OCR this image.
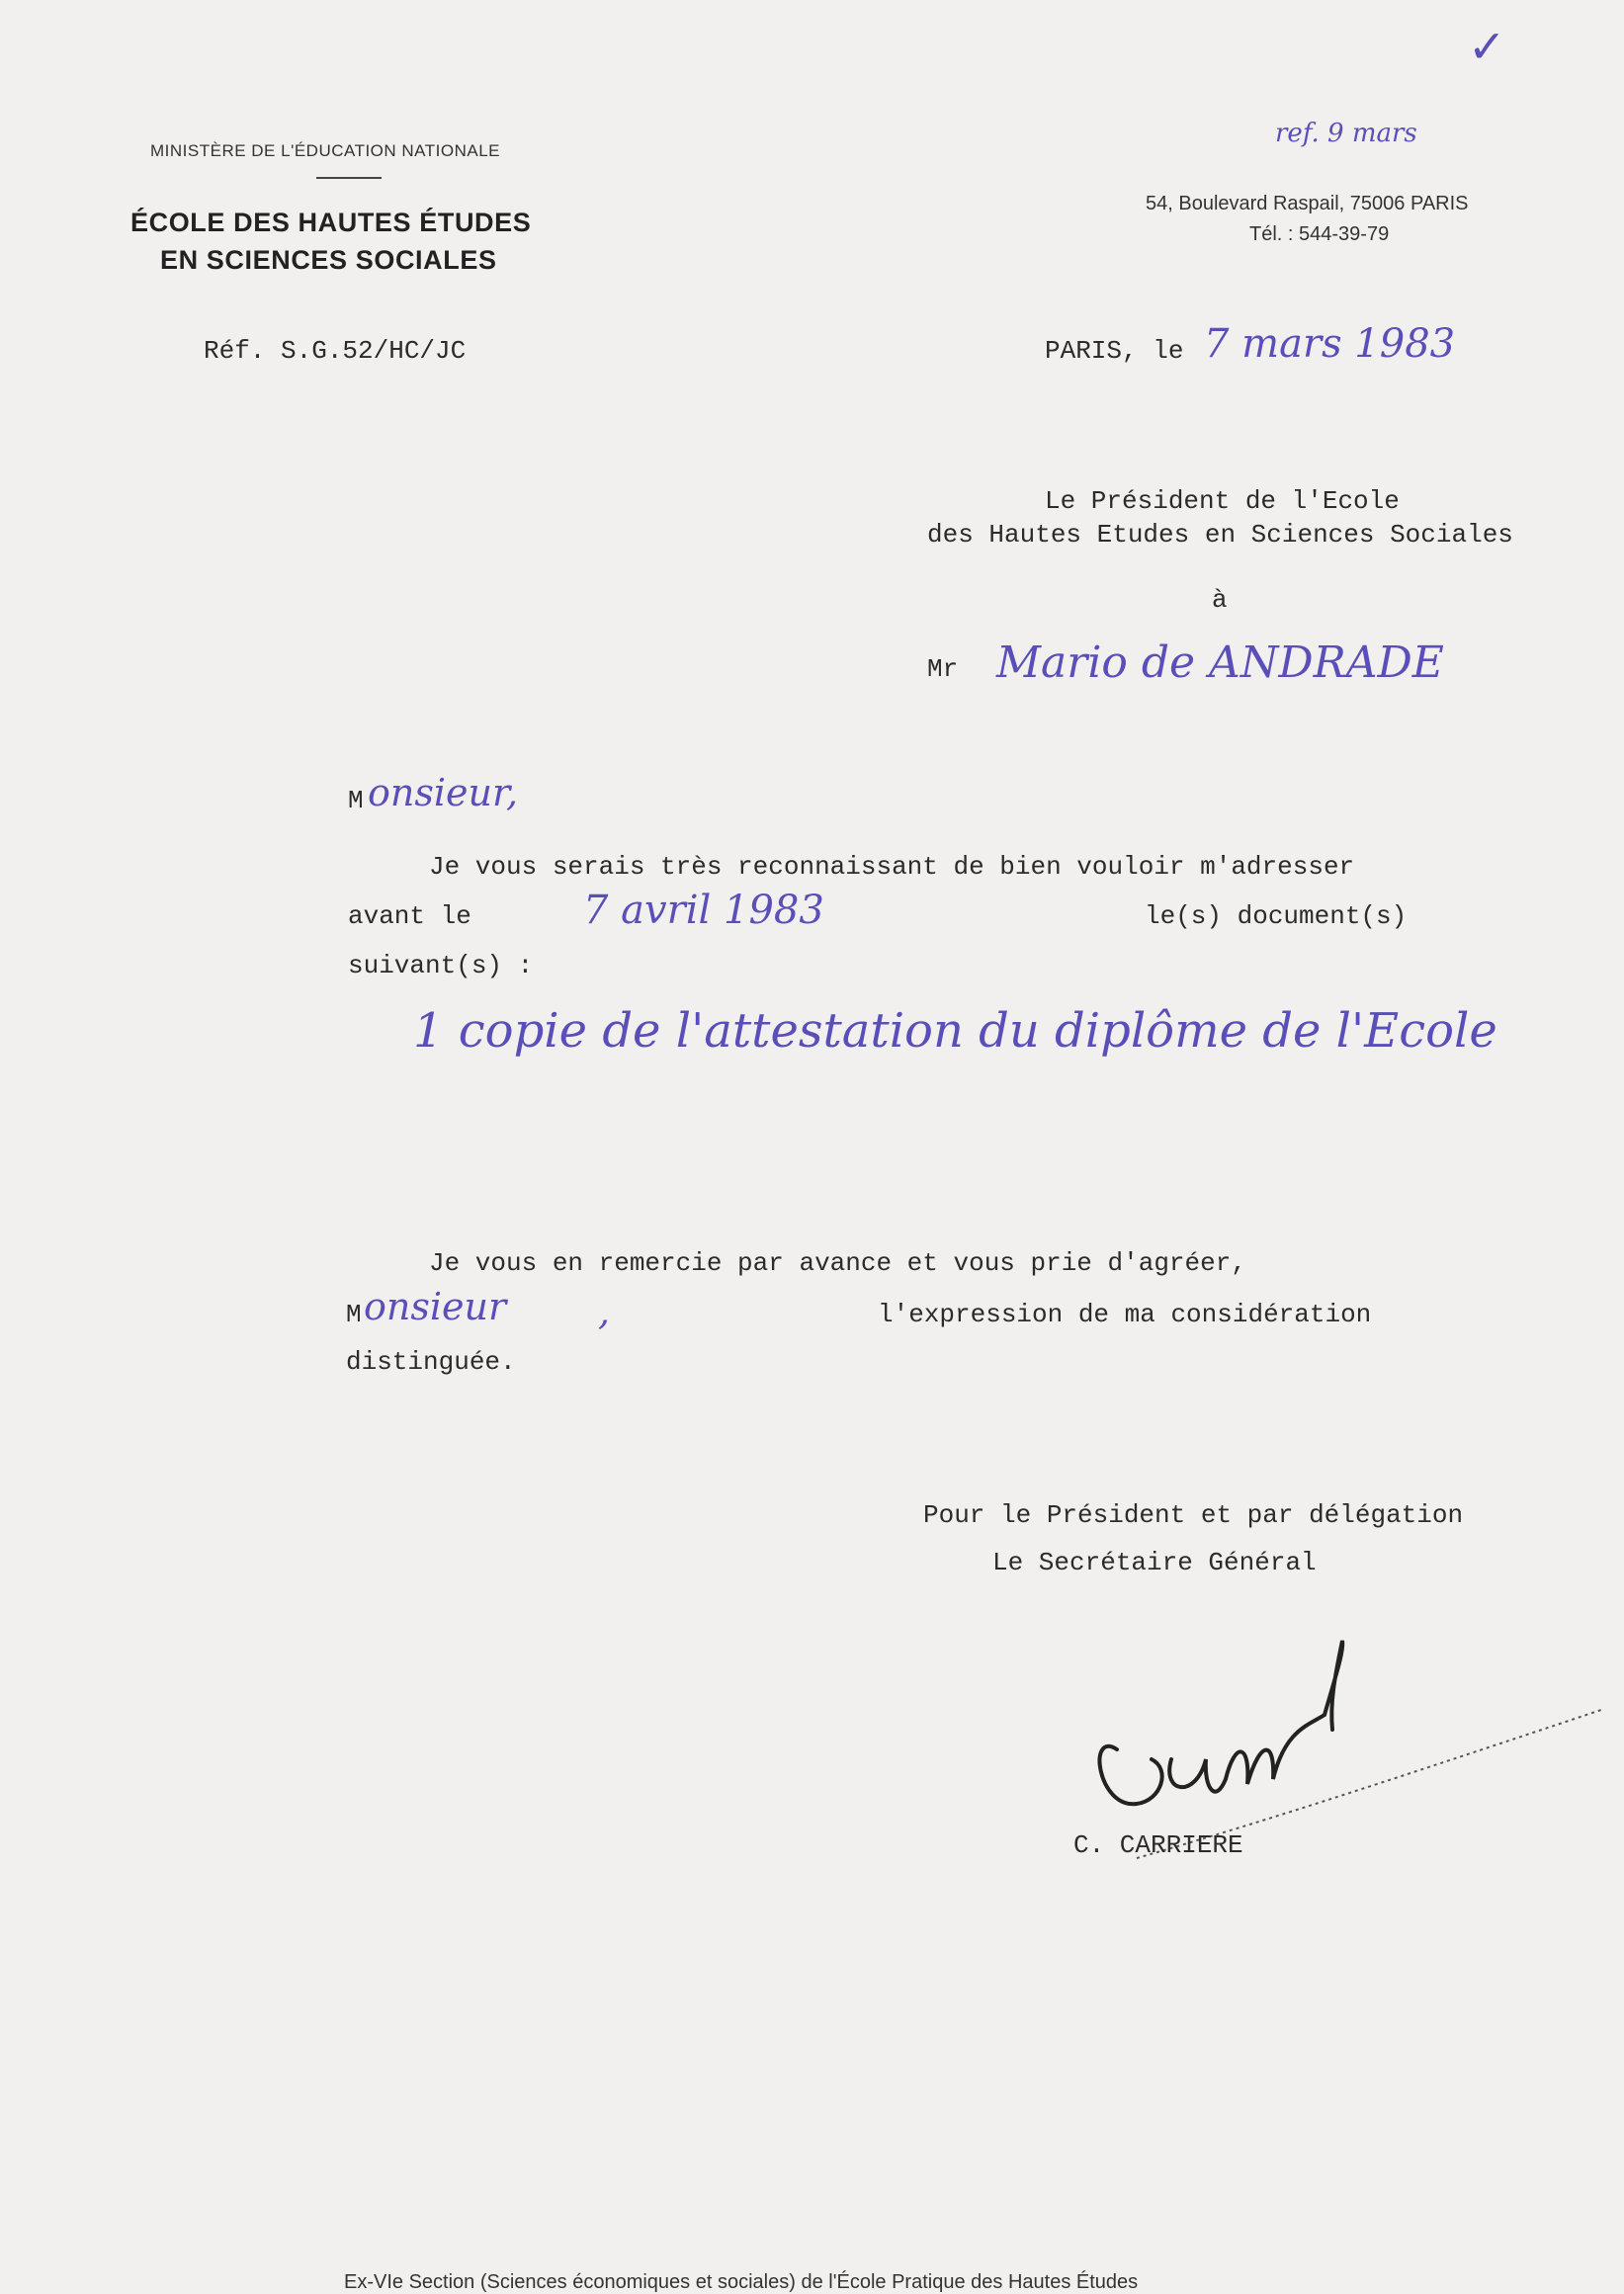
MINISTÈRE DE L'ÉDUCATION NATIONALE
ÉCOLE DES HAUTES ÉTUDES
EN SCIENCES SOCIALES
54, Boulevard Raspail, 75006 PARIS
Tél. : 544-39-79
✓
ref. 9 mars
Réf. S.G.52/HC/JC	PARIS, le 7 mars 1983
Le Président de l'Ecole
des Hautes Etudes en Sciences Sociales
à
Mr Mario de ANDRADE
M onsieur,
Je vous serais très reconnaissant de bien vouloir m'adresser
avant le	7 avril 1983	le(s) document(s)
suivant(s) :
1 copie de l'attestation du diplôme de l'Ecole
Je vous en remercie par avance et vous prie d'agréer,
M onsieur ,	l'expression de ma considération
distinguée.
Pour le Président et par délégation
Le Secrétaire Général
C. CARRIERE
Ex-VIe Section (Sciences économiques et sociales) de l'École Pratique des Hautes Études
